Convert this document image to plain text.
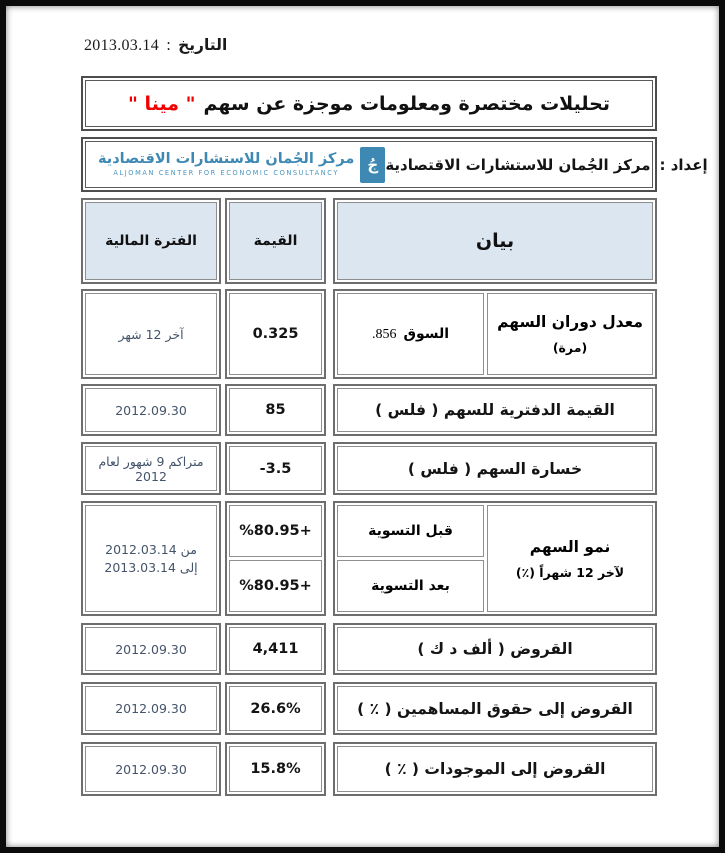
التاريخ
:
2013.03.14
تحليلات مختصرة ومعلومات موجزة عن سهم
" مينا "
مركز الجُمان للاستشارات الاقتصادية
ALJOMAN CENTER FOR ECONOMIC CONSULTANCY	جُ	إعداد :
مركز الجُمان للاستشارات الاقتصادية
بيان
القيمة
الفترة المالية
معدل دوران السهم
(مرة)
السوق
.856
0.325
آخر 12 شهر
القيمة الدفترية للسهم ( فلس )
85
2012.09.30
خسارة السهم ( فلس )
-3.5
متراكم 9 شهور لعام 2012
نمو السهم
لآخر 12 شهراً (٪)
قبل التسوية
بعد التسوية
%80.95+
%80.95+
من 2012.03.14
إلى 2013.03.14
القروض ( ألف د ك )
4,411
2012.09.30
القروض إلى حقوق المساهمين ( ٪ )
26.6%
2012.09.30
القروض إلى الموجودات ( ٪ )
15.8%
2012.09.30
